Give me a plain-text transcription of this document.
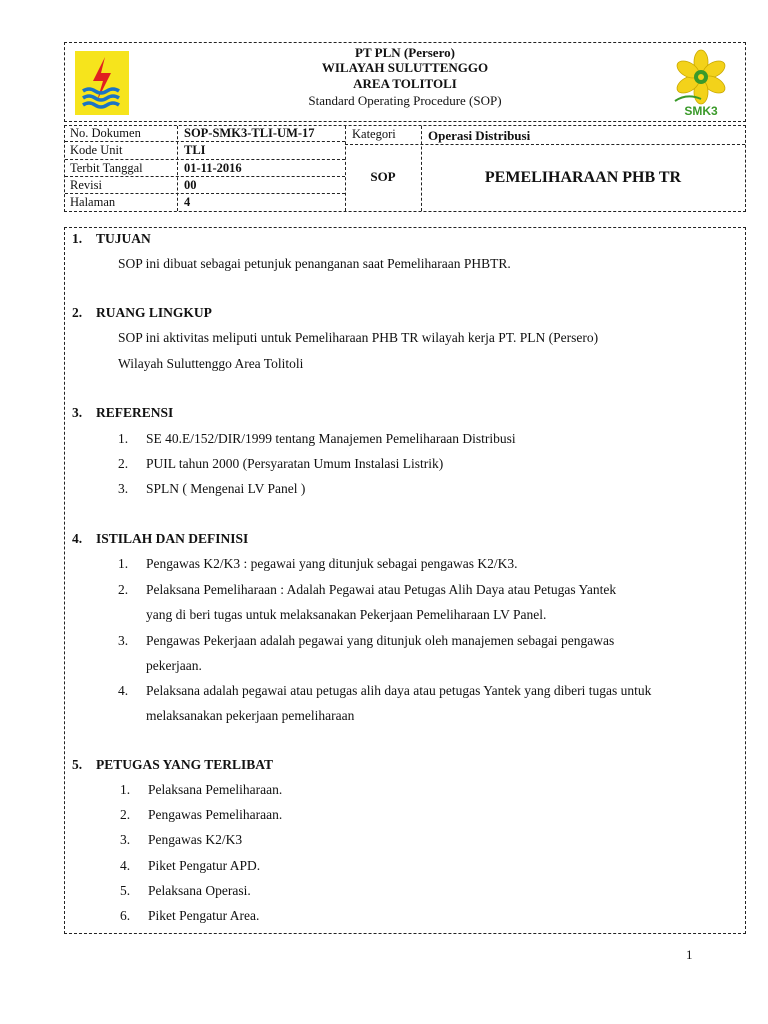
PT PLN (Persero)
WILAYAH SULUTTENGGO
AREA TOLITOLI
Standard Operating Procedure (SOP)
SMK3
No. Dokumen	SOP-SMK3-TLI-UM-17
Kode Unit	TLI
Terbit Tanggal	01-11-2016
Revisi	00
Halaman	4
Kategori Operasi Distribusi
SOP	PEMELIHARAAN PHB TR
1. TUJUAN
SOP ini dibuat sebagai petunjuk penanganan saat Pemeliharaan PHBTR.
2. RUANG LINGKUP
SOP ini aktivitas meliputi untuk Pemeliharaan PHB TR wilayah kerja PT. PLN (Persero)
Wilayah Suluttenggo Area Tolitoli
3. REFERENSI
1. SE 40.E/152/DIR/1999 tentang Manajemen Pemeliharaan Distribusi
2. PUIL tahun 2000 (Persyaratan Umum Instalasi Listrik)
3. SPLN ( Mengenai LV Panel )
4. ISTILAH DAN DEFINISI
1. Pengawas K2/K3 : pegawai yang ditunjuk sebagai pengawas K2/K3.
2. Pelaksana Pemeliharaan : Adalah Pegawai atau Petugas Alih Daya atau Petugas Yantek
yang di beri tugas untuk melaksanakan Pekerjaan Pemeliharaan LV Panel.
3. Pengawas Pekerjaan adalah pegawai yang ditunjuk oleh manajemen sebagai pengawas
pekerjaan.
4. Pelaksana adalah pegawai atau petugas alih daya atau petugas Yantek yang diberi tugas untuk
melaksanakan pekerjaan pemeliharaan
5. PETUGAS YANG TERLIBAT
1. Pelaksana Pemeliharaan.
2. Pengawas Pemeliharaan.
3. Pengawas K2/K3
4. Piket Pengatur APD.
5. Pelaksana Operasi.
6. Piket Pengatur Area.
1
